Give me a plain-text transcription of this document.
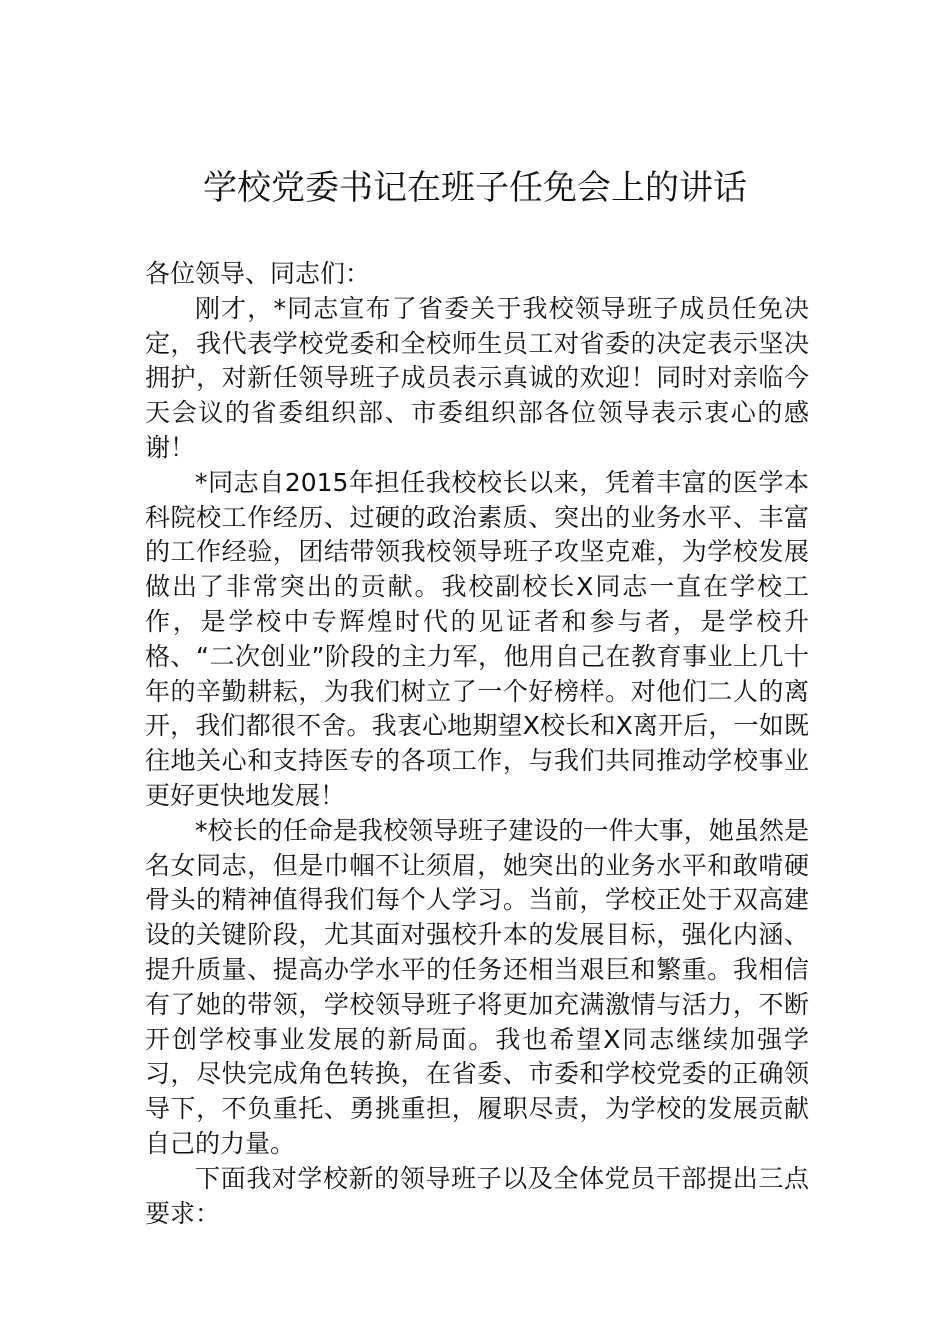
学校党委书记在班子任免会上的讲话

各位领导、同志们：

刚才，*同志宣布了省委关于我校领导班子成员任免决定，我代表学校党委和全校师生员工对省委的决定表示坚决拥护，对新任领导班子成员表示真诚的欢迎！同时对亲临今天会议的省委组织部、市委组织部各位领导表示衷心的感谢！

*同志自2015年担任我校校长以来，凭着丰富的医学本科院校工作经历、过硬的政治素质、突出的业务水平、丰富的工作经验，团结带领我校领导班子攻坚克难，为学校发展做出了非常突出的贡献。我校副校长X同志一直在学校工作，是学校中专辉煌时代的见证者和参与者，是学校升格、“二次创业”阶段的主力军，他用自己在教育事业上几十年的辛勤耕耘，为我们树立了一个好榜样。对他们二人的离开，我们都很不舍。我衷心地期望X校长和X离开后，一如既往地关心和支持医专的各项工作，与我们共同推动学校事业更好更快地发展！

*校长的任命是我校领导班子建设的一件大事，她虽然是名女同志，但是巾帼不让须眉，她突出的业务水平和敢啃硬骨头的精神值得我们每个人学习。当前，学校正处于双高建设的关键阶段，尤其面对强校升本的发展目标，强化内涵、提升质量、提高办学水平的任务还相当艰巨和繁重。我相信有了她的带领，学校领导班子将更加充满激情与活力，不断开创学校事业发展的新局面。我也希望X同志继续加强学习，尽快完成角色转换，在省委、市委和学校党委的正确领导下，不负重托、勇挑重担，履职尽责，为学校的发展贡献自己的力量。

下面我对学校新的领导班子以及全体党员干部提出三点要求：
